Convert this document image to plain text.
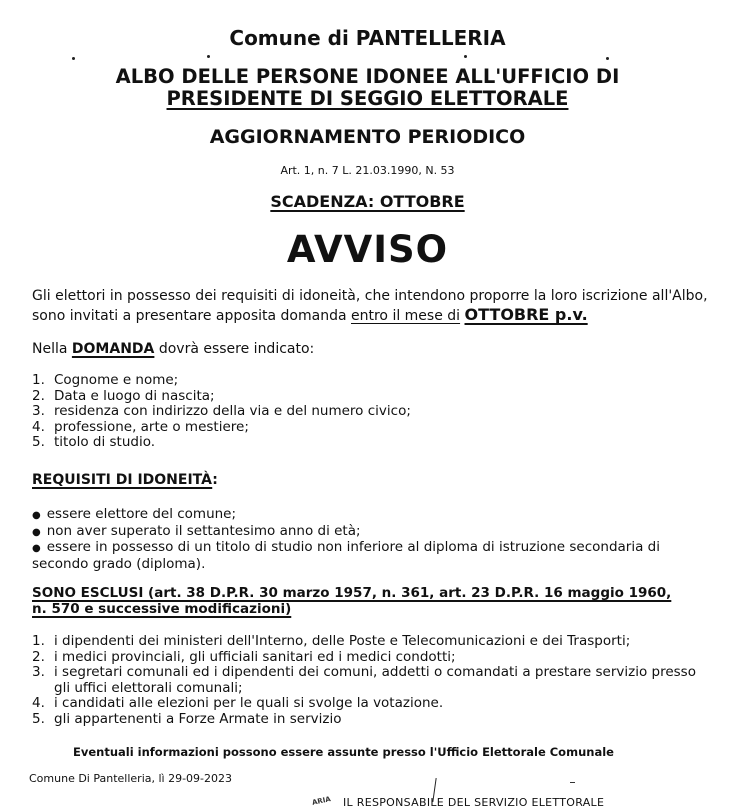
Comune di PANTELLERIA
ALBO DELLE PERSONE IDONEE ALL'UFFICIO DI
PRESIDENTE DI SEGGIO ELETTORALE
AGGIORNAMENTO PERIODICO
Art. 1, n. 7 L. 21.03.1990, N. 53
SCADENZA: OTTOBRE
AVVISO
Gli elettori in possesso dei requisiti di idoneità, che intendono proporre la loro iscrizione all'Albo,
sono invitati a presentare apposita domanda entro il mese di OTTOBRE p.v.
Nella DOMANDA dovrà essere indicato:
1. Cognome e nome;
2. Data e luogo di nascita;
3. residenza con indirizzo della via e del numero civico;
4. professione, arte o mestiere;
5. titolo di studio.
REQUISITI DI IDONEITÀ:
● essere elettore del comune;
● non aver superato il settantesimo anno di età;
● essere in possesso di un titolo di studio non inferiore al diploma di istruzione secondaria di
secondo grado (diploma).
SONO ESCLUSI (art. 38 D.P.R. 30 marzo 1957, n. 361, art. 23 D.P.R. 16 maggio 1960,
n. 570 e successive modificazioni)
1. i dipendenti dei ministeri dell'Interno, delle Poste e Telecomunicazioni e dei Trasporti;
2. i medici provinciali, gli ufficiali sanitari ed i medici condotti;
3. i segretari comunali ed i dipendenti dei comuni, addetti o comandati a prestare servizio presso
gli uffici elettorali comunali;
4. i candidati alle elezioni per le quali si svolge la votazione.
5. gli appartenenti a Forze Armate in servizio
Eventuali informazioni possono essere assunte presso l'Ufficio Elettorale Comunale
Comune Di Pantelleria, lì 29-09-2023
ARIA IL RESPONSABILE DEL SERVIZIO ELETTORALE
